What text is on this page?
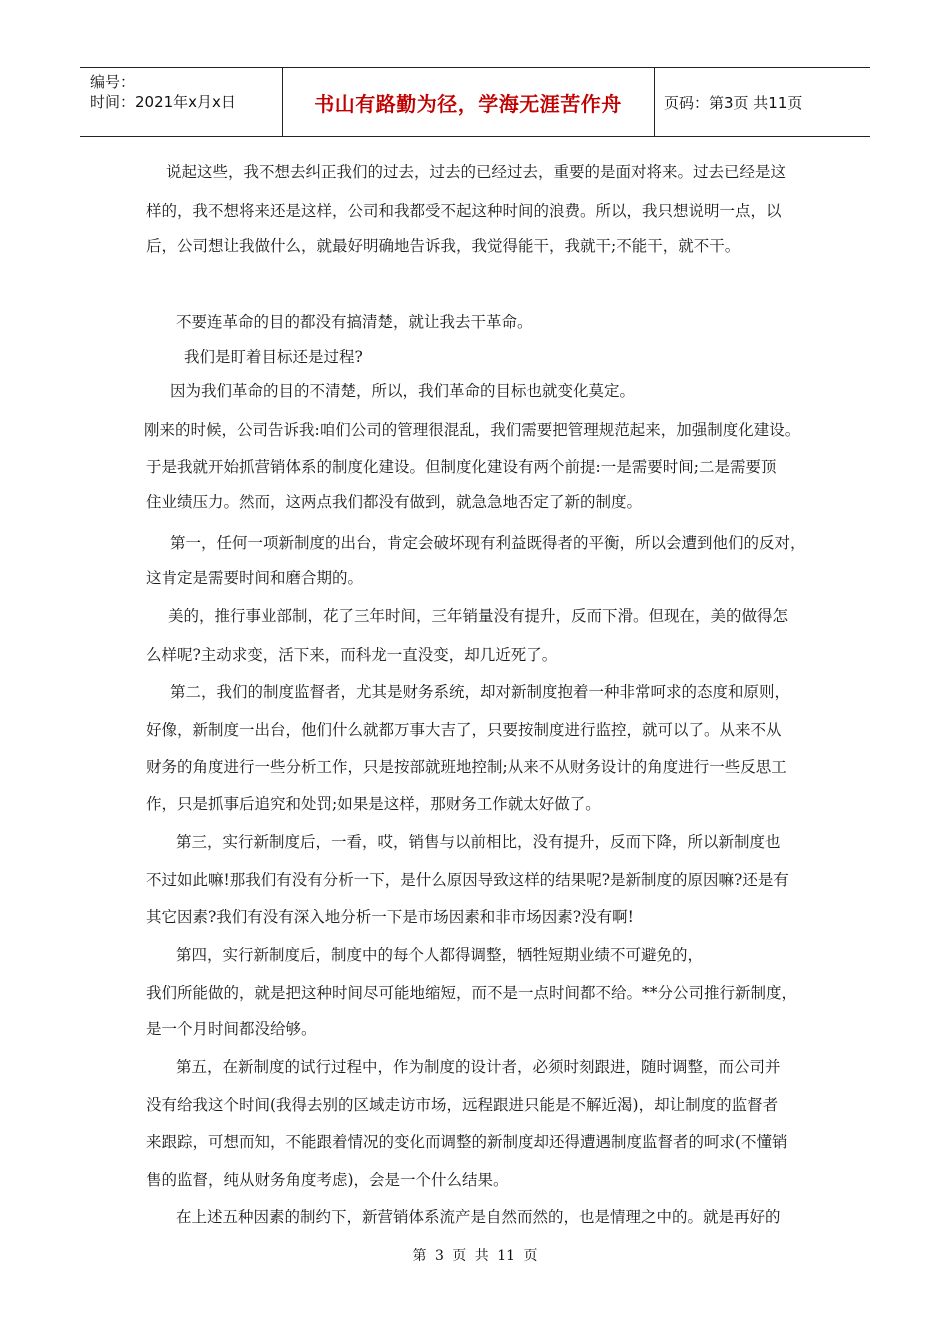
编号：
时间：2021年x月x日	书山有路勤为径，学海无涯苦作舟	页码：第3页 共11页
说起这些，我不想去纠正我们的过去，过去的已经过去，重要的是面对将来。过去已经是这
样的，我不想将来还是这样，公司和我都受不起这种时间的浪费。所以，我只想说明一点，以
后，公司想让我做什么，就最好明确地告诉我，我觉得能干，我就干;不能干，就不干。
不要连革命的目的都没有搞清楚，就让我去干革命。
我们是盯着目标还是过程?
因为我们革命的目的不清楚，所以，我们革命的目标也就变化莫定。
刚来的时候，公司告诉我:咱们公司的管理很混乱，我们需要把管理规范起来，加强制度化建设。
于是我就开始抓营销体系的制度化建设。但制度化建设有两个前提:一是需要时间;二是需要顶
住业绩压力。然而，这两点我们都没有做到，就急急地否定了新的制度。
第一，任何一项新制度的出台，肯定会破坏现有利益既得者的平衡，所以会遭到他们的反对，
这肯定是需要时间和磨合期的。
美的，推行事业部制，花了三年时间，三年销量没有提升，反而下滑。但现在，美的做得怎
么样呢?主动求变，活下来，而科龙一直没变，却几近死了。
第二，我们的制度监督者，尤其是财务系统，却对新制度抱着一种非常呵求的态度和原则，
好像，新制度一出台，他们什么就都万事大吉了，只要按制度进行监控，就可以了。从来不从
财务的角度进行一些分析工作，只是按部就班地控制;从来不从财务设计的角度进行一些反思工
作，只是抓事后追究和处罚;如果是这样，那财务工作就太好做了。
第三，实行新制度后，一看，哎，销售与以前相比，没有提升，反而下降，所以新制度也
不过如此嘛!那我们有没有分析一下，是什么原因导致这样的结果呢?是新制度的原因嘛?还是有
其它因素?我们有没有深入地分析一下是市场因素和非市场因素?没有啊!
第四，实行新制度后，制度中的每个人都得调整，牺牲短期业绩不可避免的，
我们所能做的，就是把这种时间尽可能地缩短，而不是一点时间都不给。**分公司推行新制度，
是一个月时间都没给够。
第五，在新制度的试行过程中，作为制度的设计者，必须时刻跟进，随时调整，而公司并
没有给我这个时间(我得去别的区域走访市场，远程跟进只能是不解近渴)，却让制度的监督者
来跟踪，可想而知，不能跟着情况的变化而调整的新制度却还得遭遇制度监督者的呵求(不懂销
售的监督，纯从财务角度考虑)，会是一个什么结果。
在上述五种因素的制约下，新营销体系流产是自然而然的，也是情理之中的。就是再好的
第 3 页 共 11 页
